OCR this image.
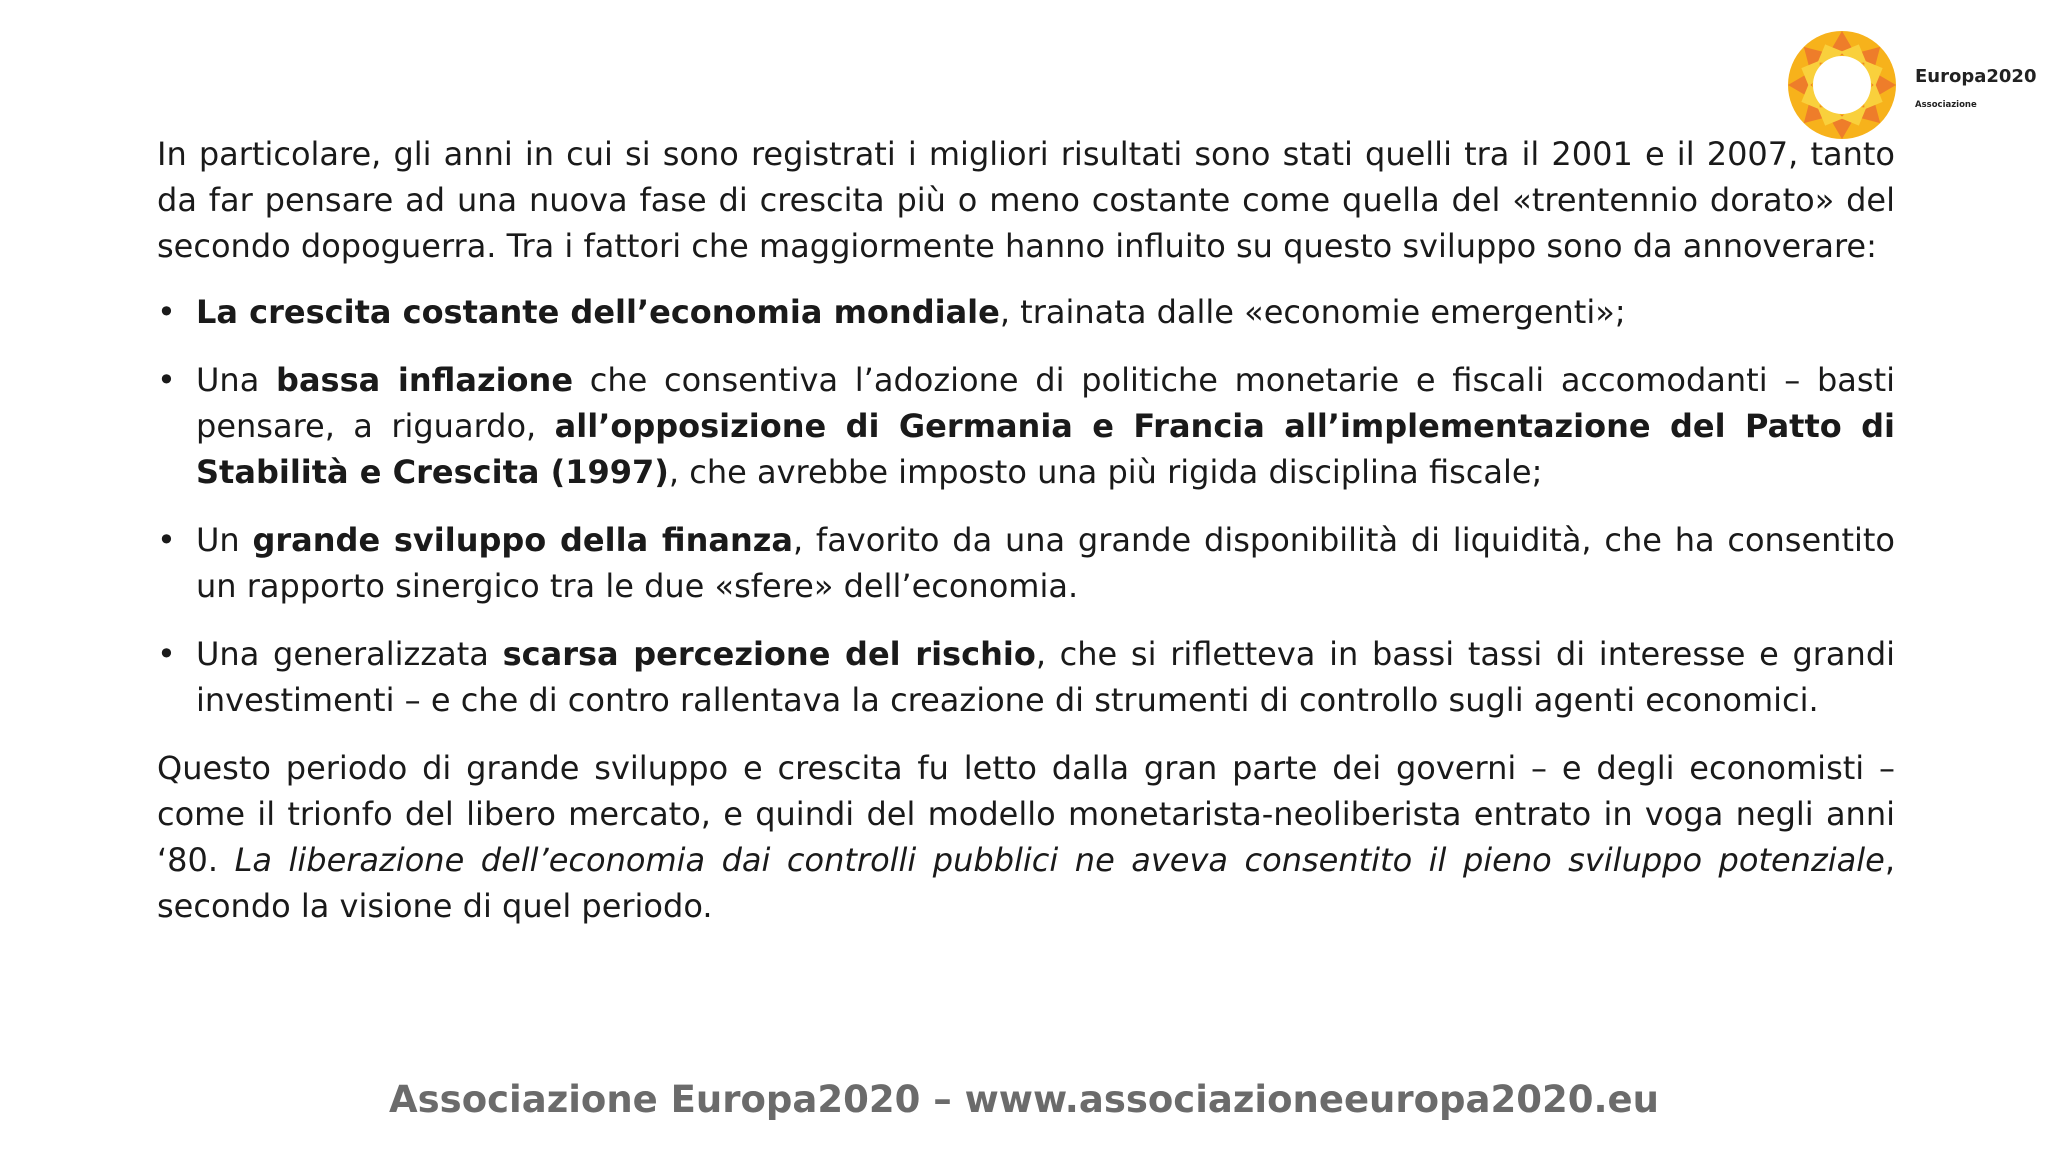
Europa2020
Associazione

In particolare, gli anni in cui si sono registrati i migliori risultati sono stati quelli tra il 2001 e il 2007, tanto da far pensare ad una nuova fase di crescita più o meno costante come quella del «trentennio dorato» del secondo dopoguerra. Tra i fattori che maggiormente hanno influito su questo sviluppo sono da annoverare:

• La crescita costante dell’economia mondiale, trainata dalle «economie emergenti»;
• Una bassa inflazione che consentiva l’adozione di politiche monetarie e fiscali accomodanti – basti pensare, a riguardo, all’opposizione di Germania e Francia all’implementazione del Patto di Stabilità e Crescita (1997), che avrebbe imposto una più rigida disciplina fiscale;
• Un grande sviluppo della finanza, favorito da una grande disponibilità di liquidità, che ha consentito un rapporto sinergico tra le due «sfere» dell’economia.
• Una generalizzata scarsa percezione del rischio, che si rifletteva in bassi tassi di interesse e grandi investimenti – e che di contro rallentava la creazione di strumenti di controllo sugli agenti economici.

Questo periodo di grande sviluppo e crescita fu letto dalla gran parte dei governi – e degli economisti – come il trionfo del libero mercato, e quindi del modello monetarista-neoliberista entrato in voga negli anni ‘80. La liberazione dell’economia dai controlli pubblici ne aveva consentito il pieno sviluppo potenziale, secondo la visione di quel periodo.

Associazione Europa2020 – www.associazioneeuropa2020.eu
